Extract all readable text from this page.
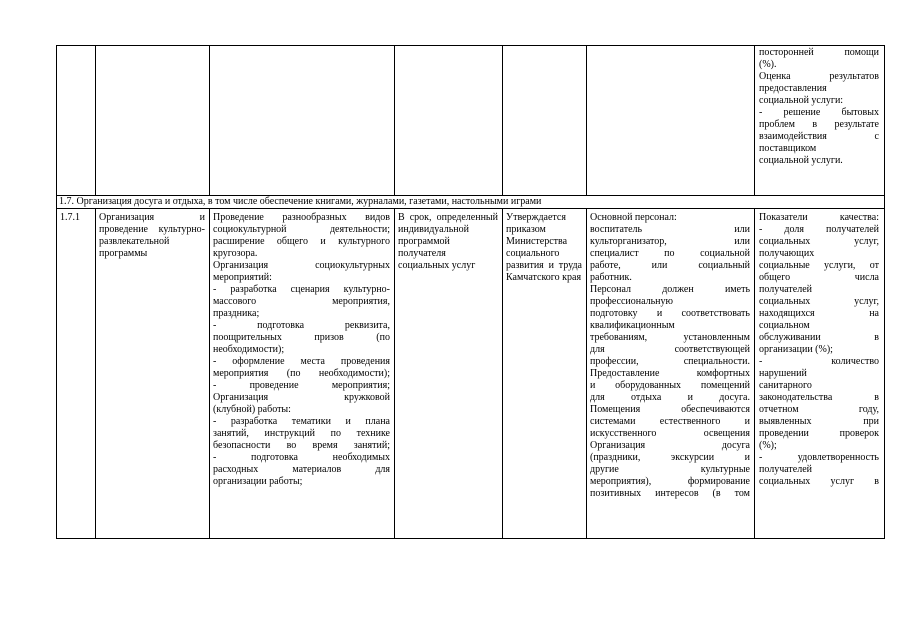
посторонней помощи

(%).

Оценка результатов

предоставления

социальной услуги:

- решение бытовых

проблем в результате

взаимодействия с

поставщиком

социальной услуги.

1.7. Организация досуга и отдыха, в том числе обеспечение книгами, журналами, газетами, настольными играми
1.7.1	Организация и проведение культурно-развлекательной программы

Проведение разнообразных видов

социокультурной деятельности;

расширение общего и культурного

кругозора.

Организация социокультурных

мероприятий:

- разработка сценария культурно-

массового мероприятия,

праздника;

- подготовка реквизита,

поощрительных призов (по

необходимости);

- оформление места проведения

мероприятия (по необходимости);

- проведение мероприятия;

Организация кружковой

(клубной) работы:

- разработка тематики и плана

занятий, инструкций по технике

безопасности во время занятий;

- подготовка необходимых

расходных материалов для

организации работы;

В срок, определенный индивидуальной программой получателя социальных услуг
Утверждается приказом Министерства социального развития и труда Камчатского края

Основной персонал:

воспитатель или

культорганизатор, или

специалист по социальной

работе, или социальный

работник.

Персонал должен иметь

профессиональную

подготовку и соответствовать

квалификационным

требованиям, установленным

для соответствующей

профессии, специальности.

Предоставление комфортных

и оборудованных помещений

для отдыха и досуга.

Помещения обеспечиваются

системами естественного и

искусственного освещения

Организация досуга

(праздники, экскурсии и

другие культурные

мероприятия), формирование

позитивных интересов (в том

Показатели качества:

- доля получателей

социальных услуг,

получающих

социальные услуги, от

общего числа

получателей

социальных услуг,

находящихся на

социальном

обслуживании в

организации (%);

- количество

нарушений

санитарного

законодательства в

отчетном году,

выявленных при

проведении проверок

(%);

- удовлетворенность

получателей

социальных услуг в
